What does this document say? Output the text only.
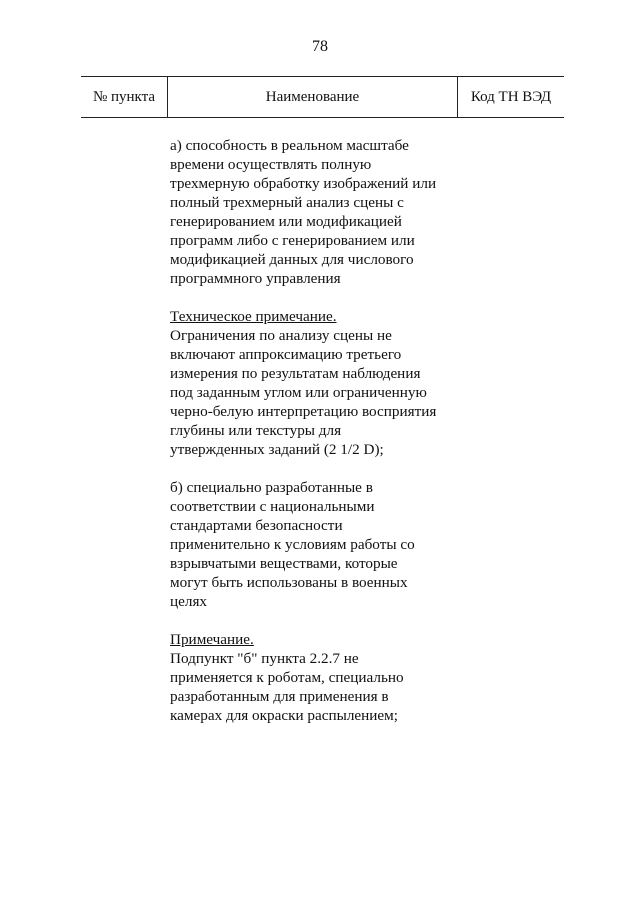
78
№ пункта	Наименование	Код ТН ВЭД

а) способность в реальном масштабе

времени осуществлять полную

трехмерную обработку изображений или

полный трехмерный анализ сцены с

генерированием или модификацией

программ либо с генерированием или

модификацией данных для числового

программного управления

Техническое примечание.

Ограничения по анализу сцены не

включают аппроксимацию третьего

измерения по результатам наблюдения

под заданным углом или ограниченную

черно-белую интерпретацию восприятия

глубины или текстуры для

утвержденных заданий (2 1/2 D);

б) специально разработанные в

соответствии с национальными

стандартами безопасности

применительно к условиям работы со

взрывчатыми веществами, которые

могут быть использованы в военных

целях

Примечание.

Подпункт "б" пункта 2.2.7 не

применяется к роботам, специально

разработанным для применения в

камерах для окраски распылением;
